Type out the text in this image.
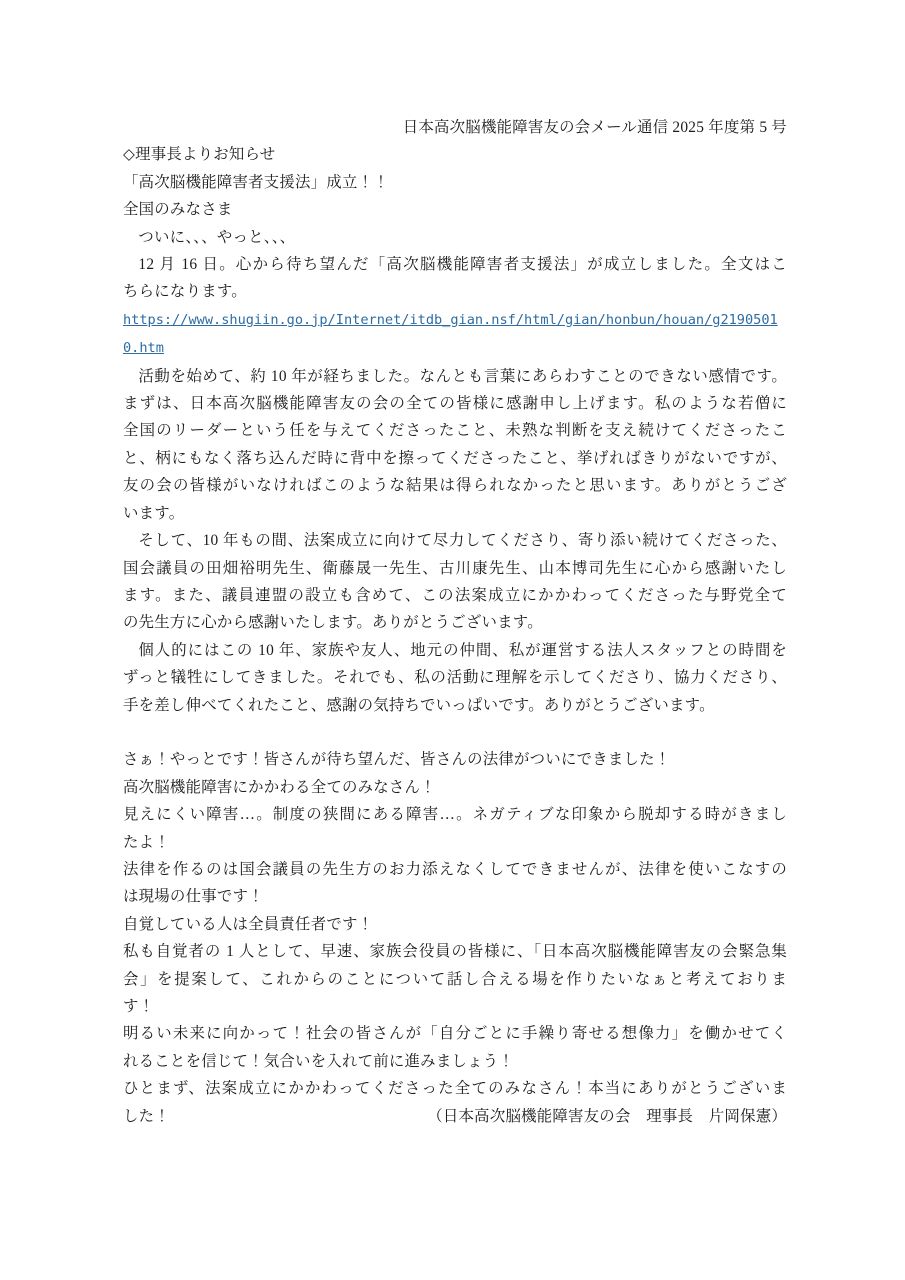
日本高次脳機能障害友の会メール通信 2025 年度第 5 号
◇理事長よりお知らせ
「高次脳機能障害者支援法」成立！！
全国のみなさま
ついに、、、やっと、、、
12 月 16 日。心から待ち望んだ「高次脳機能障害者支援法」が成立しました。全文はこ
ちらになります。
https://www.shugiin.go.jp/Internet/itdb_gian.nsf/html/gian/honbun/houan/g2190501
0.htm
活動を始めて、約 10 年が経ちました。なんとも言葉にあらわすことのできない感情です。
まずは、日本高次脳機能障害友の会の全ての皆様に感謝申し上げます。私のような若僧に
全国のリーダーという任を与えてくださったこと、未熟な判断を支え続けてくださったこ
と、柄にもなく落ち込んだ時に背中を擦ってくださったこと、挙げればきりがないですが、
友の会の皆様がいなければこのような結果は得られなかったと思います。ありがとうござ
います。
そして、10 年もの間、法案成立に向けて尽力してくださり、寄り添い続けてくださった、
国会議員の田畑裕明先生、衛藤晟一先生、古川康先生、山本博司先生に心から感謝いたし
ます。また、議員連盟の設立も含めて、この法案成立にかかわってくださった与野党全て
の先生方に心から感謝いたします。ありがとうございます。
個人的にはこの 10 年、家族や友人、地元の仲間、私が運営する法人スタッフとの時間を
ずっと犠牲にしてきました。それでも、私の活動に理解を示してくださり、協力くださり、
手を差し伸べてくれたこと、感謝の気持ちでいっぱいです。ありがとうございます。
さぁ！やっとです！皆さんが待ち望んだ、皆さんの法律がついにできました！
高次脳機能障害にかかわる全てのみなさん！
見えにくい障害…。制度の狭間にある障害…。ネガティブな印象から脱却する時がきまし
たよ！
法律を作るのは国会議員の先生方のお力添えなくしてできませんが、法律を使いこなすの
は現場の仕事です！
自覚している人は全員責任者です！
私も自覚者の 1 人として、早速、家族会役員の皆様に、「日本高次脳機能障害友の会緊急集
会」を提案して、これからのことについて話し合える場を作りたいなぁと考えておりま
す！
明るい未来に向かって！社会の皆さんが「自分ごとに手繰り寄せる想像力」を働かせてく
れることを信じて！気合いを入れて前に進みましょう！
ひとまず、法案成立にかかわってくださった全てのみなさん！本当にありがとうございま
した！	（日本高次脳機能障害友の会　理事長　片岡保憲）
